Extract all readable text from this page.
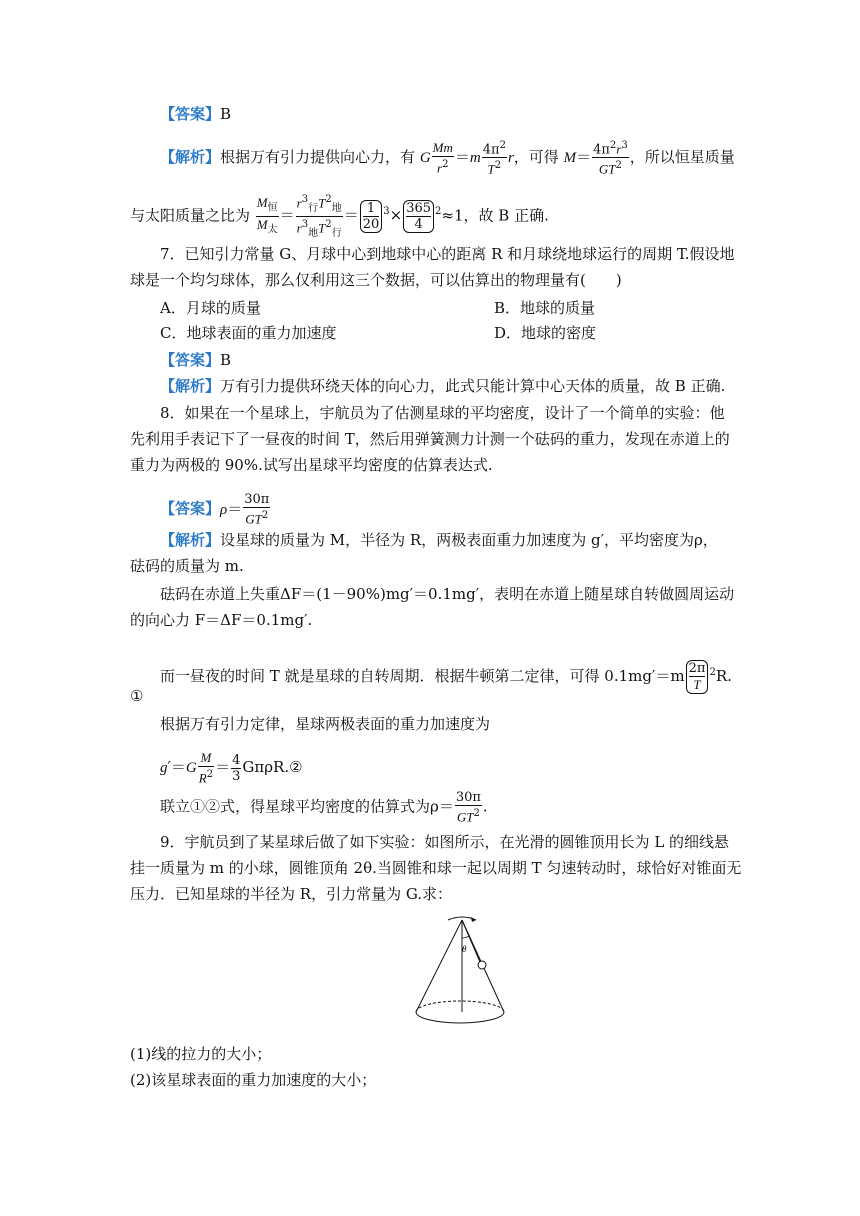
【答案】B
【解析】根据万有引力提供向心力，有 G $\frac{Mm}{r^2} =m \frac{4\pi^2}{T^2}$ r，可得 $M= \frac{4\pi^2r^3}{GT^2}$ ，所以恒星质量
与太阳质量之比为 $\frac{M_恒}{M_太} = \frac{r^3_行T^2_地}{r^3_地T^2_行} = \frac{1}{20} ^3\times \frac{365}{4} ^2\approx 1$，故 B 正确.
7．已知引力常量 G、月球中心到地球中心的距离 R 和月球绕地球运行的周期 T.假设地
球是一个均匀球体，那么仅利用这三个数据，可以估算出的物理量有(　　)
A．月球的质量	B．地球的质量
C．地球表面的重力加速度	D．地球的密度
【答案】B
【解析】万有引力提供环绕天体的向心力，此式只能计算中心天体的质量，故 B 正确.
8．如果在一个星球上，宇航员为了估测星球的平均密度，设计了一个简单的实验：他
先利用手表记下了一昼夜的时间 T，然后用弹簧测力计测一个砝码的重力，发现在赤道上的
重力为两极的 90%.试写出星球平均密度的估算表达式.
【答案】$\rho= \frac{30\pi}{GT^2}$
【解析】设星球的质量为 M，半径为 R，两极表面重力加速度为 g′，平均密度为ρ，
砝码的质量为 m.
砝码在赤道上失重ΔF＝(1－90%)mg′＝0.1mg′，表明在赤道上随星球自转做圆周运动
的向心力 F＝ΔF＝0.1mg′.
而一昼夜的时间 T 就是星球的自转周期．根据牛顿第二定律，可得 $0.1mg'=m \frac{2\pi}{T} ^2R$.
①
根据万有引力定律，星球两极表面的重力加速度为
$g'=G \frac{M}{R^2} = \frac{4}{3}$ GπρR.②
联立①②式，得星球平均密度的估算式为$\rho= \frac{30\pi}{GT^2}$ .
9．宇航员到了某星球后做了如下实验：如图所示，在光滑的圆锥顶用长为 L 的细线悬
挂一质量为 m 的小球，圆锥顶角 2θ.当圆锥和球一起以周期 T 匀速转动时，球恰好对锥面无
压力．已知星球的半径为 R，引力常量为 G.求：
θ
(1)线的拉力的大小；
(2)该星球表面的重力加速度的大小；
